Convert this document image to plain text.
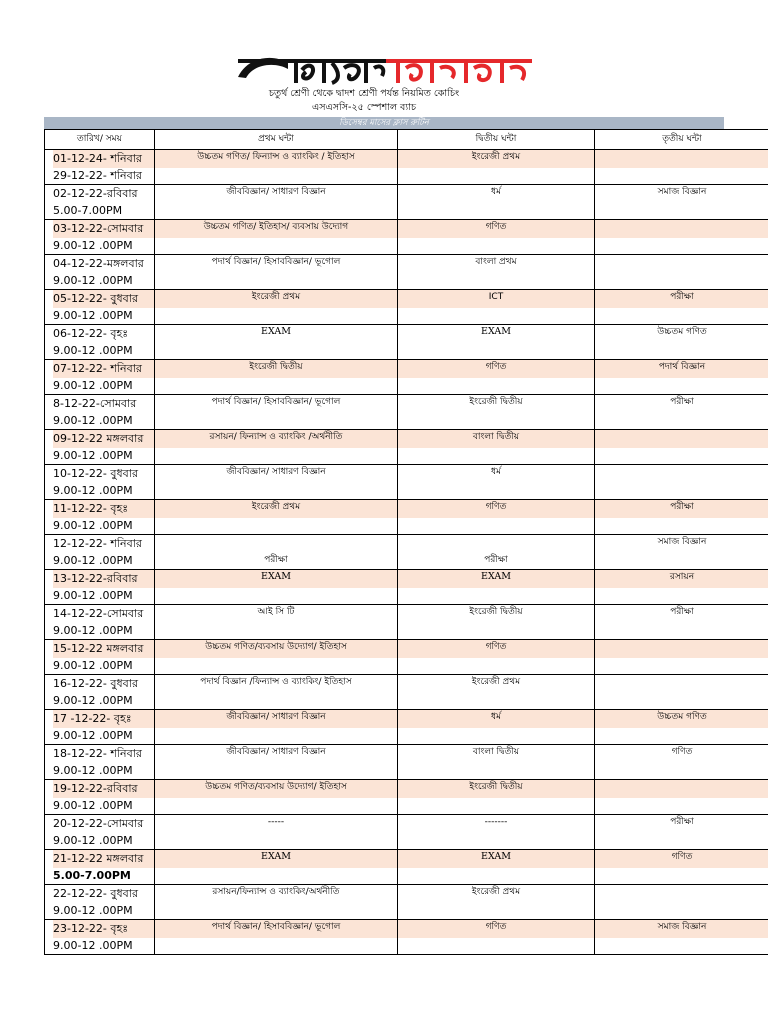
চতুর্থ শ্রেণী থেকে দ্বাদশ শ্রেণী পর্যন্ত নিয়মিত কোচিং
এসএসসি-২৫ স্পেশাল ব্যাচ
ডিসেম্বর মাসের ক্লাস রুটিন
তারিখ/ সময়	প্রথম ঘন্টা	দ্বিতীয় ঘন্টা	তৃতীয় ঘন্টা	

01-12-24- শনিবার
29-12-22- শনিবার	উচ্চতম গণিত/ ফিন্যান্স ও ব্যাংকিং / ইতিহাস	ইংরেজী প্রথম		

02-12-22-রবিবার
5.00-7.00PM	জীববিজ্ঞান/ সাধারণ বিজ্ঞান	ধর্ম	সমাজ বিজ্ঞান	

03-12-22-সোমবার
9.00-12 .00PM	উচ্চতম গণিত/ ইতিহাস/ ব্যবসায় উদ্যোগ	গণিত		

04-12-22-মঙ্গলবার
9.00-12 .00PM	পদার্থ বিজ্ঞান/ হিসাববিজ্ঞান/ ভূগোল	বাংলা প্রথম		

05-12-22- বুধবার
9.00-12 .00PM	ইংরেজী প্রথম	ICT	পরীক্ষা	

06-12-22- বৃহঃ
9.00-12 .00PM	EXAM	EXAM	উচ্চতম গণিত	

07-12-22- শনিবার
9.00-12 .00PM	ইংরেজী দ্বিতীয়	গণিত	পদার্থ বিজ্ঞান	

8-12-22-সোমবার
9.00-12 .00PM	পদার্থ বিজ্ঞান/ হিসাববিজ্ঞান/ ভূগোল	ইংরেজী দ্বিতীয়	পরীক্ষা	

09-12-22 মঙ্গলবার
9.00-12 .00PM	রসায়ন/ ফিন্যান্স ও ব্যাংকিং /অর্থনীতি	বাংলা দ্বিতীয়		

10-12-22- বুধবার
9.00-12 .00PM	জীববিজ্ঞান/ সাধারণ বিজ্ঞান	ধর্ম		

11-12-22- বৃহঃ
9.00-12 .00PM	ইংরেজী প্রথম	গণিত	পরীক্ষা	

12-12-22- শনিবার
9.00-12 .00PM	পরীক্ষা	পরীক্ষা	সমাজ বিজ্ঞান	

13-12-22-রবিবার
9.00-12 .00PM	EXAM	EXAM	রসায়ন	

14-12-22-সোমবার
9.00-12 .00PM	আই সি টি	ইংরেজী দ্বিতীয়	পরীক্ষা	

15-12-22 মঙ্গলবার
9.00-12 .00PM	উচ্চতম গণিত/ব্যবসায় উদ্যোগ/ ইতিহাস	গণিত		

16-12-22- বুধবার
9.00-12 .00PM	পদার্থ বিজ্ঞান /ফিন্যান্স ও ব্যাংকিং/ ইতিহাস	ইংরেজী প্রথম		

17 -12-22- বৃহঃ
9.00-12 .00PM	জীববিজ্ঞান/ সাধারণ বিজ্ঞান	ধর্ম	উচ্চতম গণিত	

18-12-22- শনিবার
9.00-12 .00PM	জীববিজ্ঞান/ সাধারণ বিজ্ঞান	বাংলা দ্বিতীয়	গণিত	

19-12-22-রবিবার
9.00-12 .00PM	উচ্চতম গণিত/ব্যবসায় উদ্যোগ/ ইতিহাস	ইংরেজী দ্বিতীয়		

20-12-22-সোমবার
9.00-12 .00PM	-----	-------	পরীক্ষা	

21-12-22 মঙ্গলবার
5.00-7.00PM	EXAM	EXAM	গণিত	

22-12-22- বুধবার
9.00-12 .00PM	রসায়ন/ফিন্যান্স ও ব্যাংকিং/অর্থনীতি	ইংরেজী প্রথম		

23-12-22- বৃহঃ
9.00-12 .00PM	পদার্থ বিজ্ঞান/ হিসাববিজ্ঞান/ ভূগোল	গণিত	সমাজ বিজ্ঞান	
